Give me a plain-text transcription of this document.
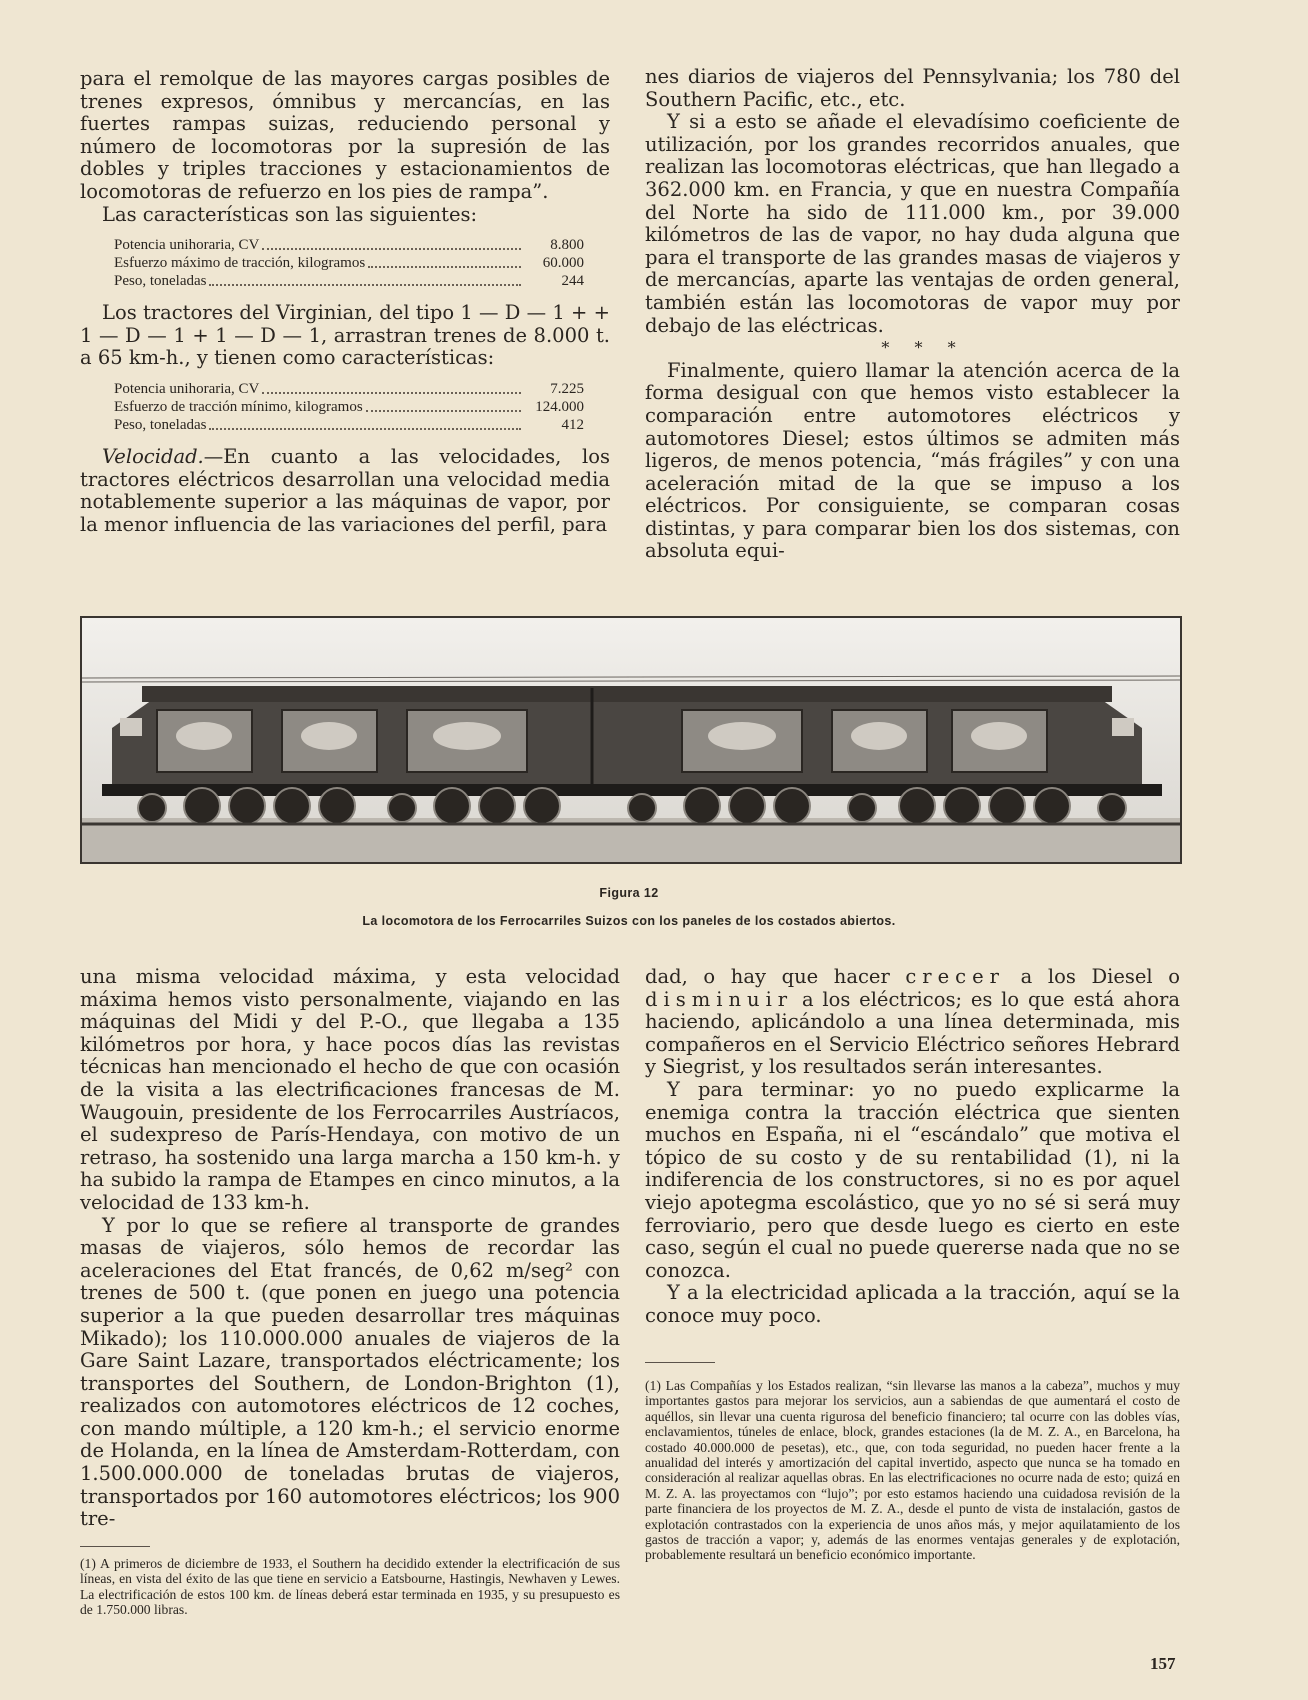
para el remolque de las mayores cargas posibles de trenes expresos, ómnibus y mercancías, en las fuertes rampas suizas, reduciendo personal y número de locomotoras por la supresión de las dobles y triples tracciones y estacionamientos de locomotoras de refuerzo en los pies de rampa”.

Las características son las siguientes:

Potencia unihoraria, CV	8.800
Esfuerzo máximo de tracción, kilogramos	60.000
Peso, toneladas	244

Los tractores del Virginian, del tipo 1 — D — 1 + + 1 — D — 1 + 1 — D — 1, arrastran trenes de 8.000 t. a 65 km-h., y tienen como características:

Potencia unihoraria, CV	7.225
Esfuerzo de tracción mínimo, kilogramos	124.000
Peso, toneladas	412

Velocidad.—En cuanto a las velocidades, los tractores eléctricos desarrollan una velocidad media notablemente superior a las máquinas de vapor, por la menor influencia de las variaciones del perfil, para

nes diarios de viajeros del Pennsylvania; los 780 del Southern Pacific, etc., etc.

Y si a esto se añade el elevadísimo coeficiente de utilización, por los grandes recorridos anuales, que realizan las locomotoras eléctricas, que han llegado a 362.000 km. en Francia, y que en nuestra Compañía del Norte ha sido de 111.000 km., por 39.000 kilómetros de las de vapor, no hay duda alguna que para el transporte de las grandes masas de viajeros y de mercancías, aparte las ventajas de orden general, también están las locomotoras de vapor muy por debajo de las eléctricas.

* * *

Finalmente, quiero llamar la atención acerca de la forma desigual con que hemos visto establecer la comparación entre automotores eléctricos y automotores Diesel; estos últimos se admiten más ligeros, de menos potencia, “más frágiles” y con una aceleración mitad de la que se impuso a los eléctricos. Por consiguiente, se comparan cosas distintas, y para comparar bien los dos sistemas, con absoluta equi-

Figura 12
La locomotora de los Ferrocarriles Suizos con los paneles de los costados abiertos.

una misma velocidad máxima, y esta velocidad máxima hemos visto personalmente, viajando en las máquinas del Midi y del P.-O., que llegaba a 135 kilómetros por hora, y hace pocos días las revistas técnicas han mencionado el hecho de que con ocasión de la visita a las electrificaciones francesas de M. Waugouin, presidente de los Ferrocarriles Austríacos, el sudexpreso de París-Hendaya, con motivo de un retraso, ha sostenido una larga marcha a 150 km-h. y ha subido la rampa de Etampes en cinco minutos, a la velocidad de 133 km-h.

Y por lo que se refiere al transporte de grandes masas de viajeros, sólo hemos de recordar las aceleraciones del Etat francés, de 0,62 m/seg² con trenes de 500 t. (que ponen en juego una potencia superior a la que pueden desarrollar tres máquinas Mikado); los 110.000.000 anuales de viajeros de la Gare Saint Lazare, transportados eléctricamente; los transportes del Southern, de London-Brighton (1), realizados con automotores eléctricos de 12 coches, con mando múltiple, a 120 km-h.; el servicio enorme de Holanda, en la línea de Amsterdam-Rotterdam, con 1.500.000.000 de toneladas brutas de viajeros, transportados por 160 automotores eléctricos; los 900 tre-

(1) A primeros de diciembre de 1933, el Southern ha decidido extender la electrificación de sus líneas, en vista del éxito de las que tiene en servicio a Eatsbourne, Hastingis, Newhaven y Lewes. La electrificación de estos 100 km. de líneas deberá estar terminada en 1935, y su presupuesto es de 1.750.000 libras.

dad, o hay que hacer crecer a los Diesel o disminuir a los eléctricos; es lo que está ahora haciendo, aplicándolo a una línea determinada, mis compañeros en el Servicio Eléctrico señores Hebrard y Siegrist, y los resultados serán interesantes.

Y para terminar: yo no puedo explicarme la enemiga contra la tracción eléctrica que sienten muchos en España, ni el “escándalo” que motiva el tópico de su costo y de su rentabilidad (1), ni la indiferencia de los constructores, si no es por aquel viejo apotegma escolástico, que yo no sé si será muy ferroviario, pero que desde luego es cierto en este caso, según el cual no puede quererse nada que no se conozca.

Y a la electricidad aplicada a la tracción, aquí se la conoce muy poco.

(1) Las Compañías y los Estados realizan, “sin llevarse las manos a la cabeza”, muchos y muy importantes gastos para mejorar los servicios, aun a sabiendas de que aumentará el costo de aquéllos, sin llevar una cuenta rigurosa del beneficio financiero; tal ocurre con las dobles vías, enclavamientos, túneles de enlace, block, grandes estaciones (la de M. Z. A., en Barcelona, ha costado 40.000.000 de pesetas), etc., que, con toda seguridad, no pueden hacer frente a la anualidad del interés y amortización del capital invertido, aspecto que nunca se ha tomado en consideración al realizar aquellas obras. En las electrificaciones no ocurre nada de esto; quizá en M. Z. A. las proyectamos con “lujo”; por esto estamos haciendo una cuidadosa revisión de la parte financiera de los proyectos de M. Z. A., desde el punto de vista de instalación, gastos de explotación contrastados con la experiencia de unos años más, y mejor aquilatamiento de los gastos de tracción a vapor; y, además de las enormes ventajas generales y de explotación, probablemente resultará un beneficio económico importante.
157
